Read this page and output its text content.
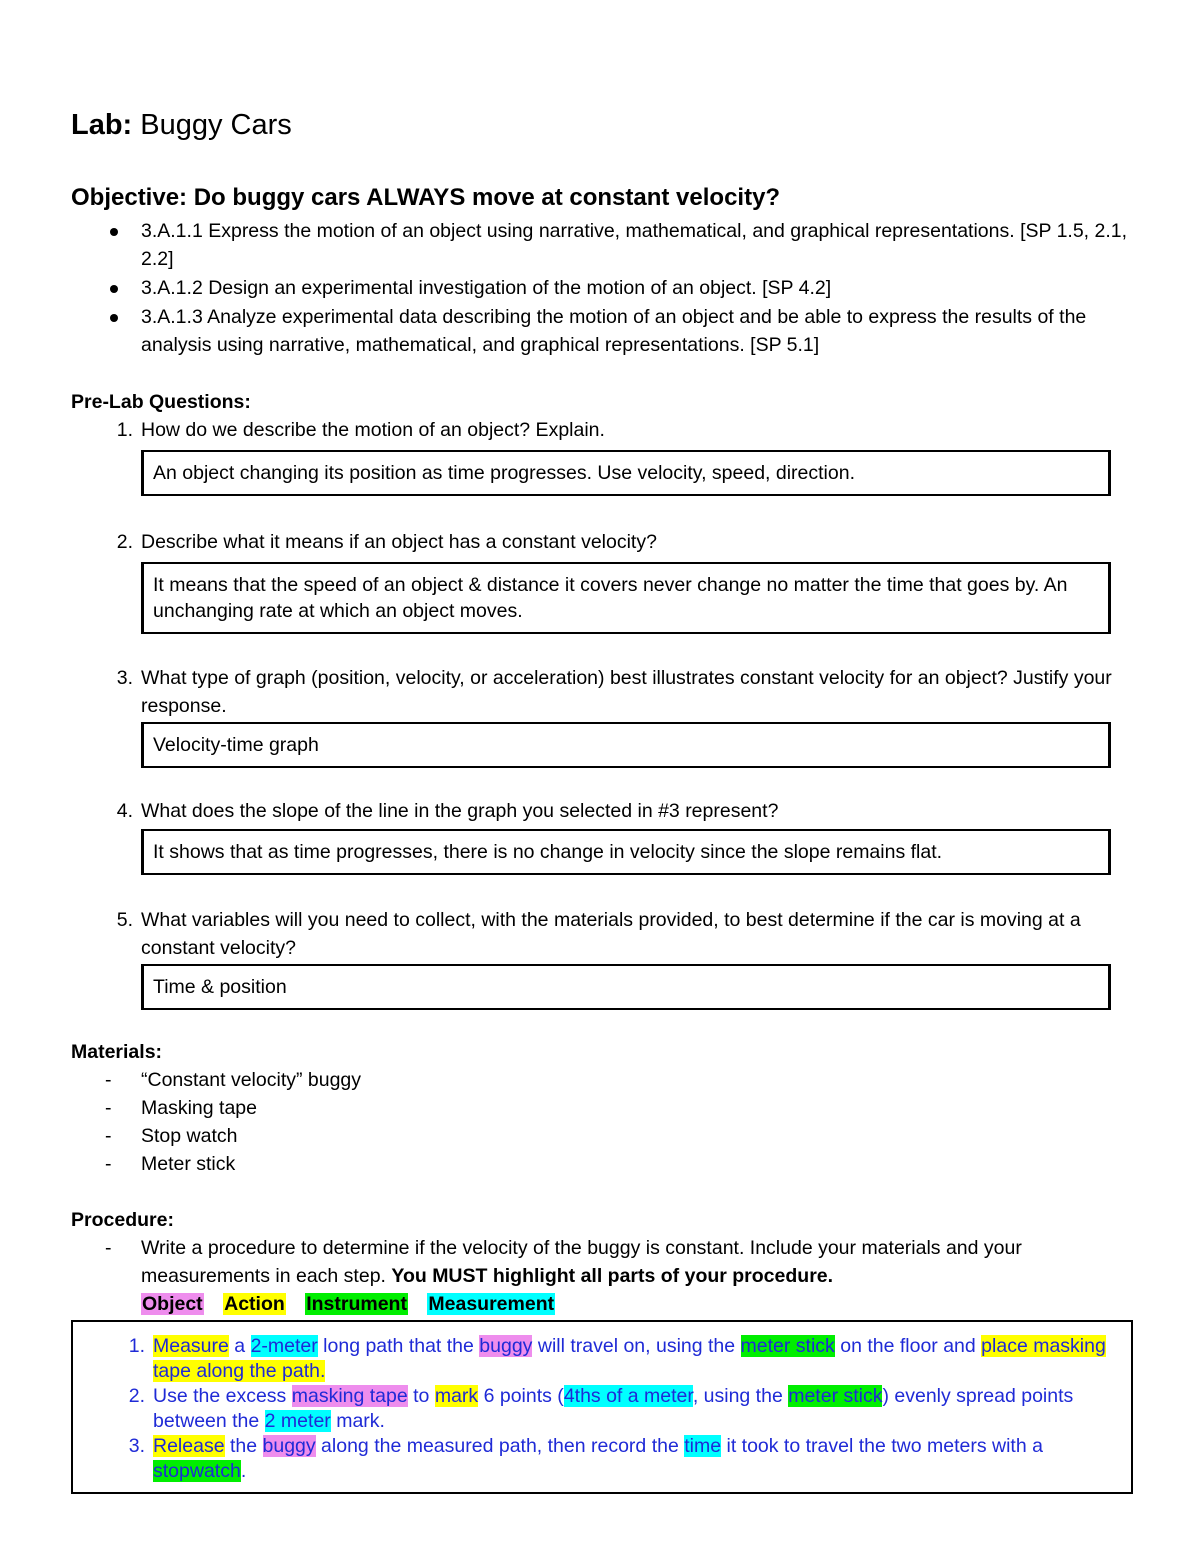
Lab: Buggy Cars
Objective: Do buggy cars ALWAYS move at constant velocity?
3.A.1.1 Express the motion of an object using narrative, mathematical, and graphical representations. [SP 1.5, 2.1, 2.2]
3.A.1.2 Design an experimental investigation of the motion of an object. [SP 4.2]
3.A.1.3 Analyze experimental data describing the motion of an object and be able to express the results of the analysis using narrative, mathematical, and graphical representations. [SP 5.1]
Pre-Lab Questions:
1. How do we describe the motion of an object? Explain.
An object changing its position as time progresses. Use velocity, speed, direction.
2. Describe what it means if an object has a constant velocity?
It means that the speed of an object & distance it covers never change no matter the time that goes by. An unchanging rate at which an object moves.
3. What type of graph (position, velocity, or acceleration) best illustrates constant velocity for an object? Justify your response.
Velocity-time graph
4. What does the slope of the line in the graph you selected in #3 represent?
It shows that as time progresses, there is no change in velocity since the slope remains flat.
5. What variables will you need to collect, with the materials provided, to best determine if the car is moving at a constant velocity?
Time & position
Materials:
- “Constant velocity” buggy
- Masking tape
- Stop watch
- Meter stick
Procedure:
- Write a procedure to determine if the velocity of the buggy is constant. Include your materials and your measurements in each step. You MUST highlight all parts of your procedure.
Object Action Instrument Measurement
1. Measure a 2-meter long path that the buggy will travel on, using the meter stick on the floor and place masking tape along the path.
2. Use the excess masking tape to mark 6 points (4ths of a meter, using the meter stick) evenly spread points between the 2 meter mark.
3. Release the buggy along the measured path, then record the time it took to travel the two meters with a stopwatch.
